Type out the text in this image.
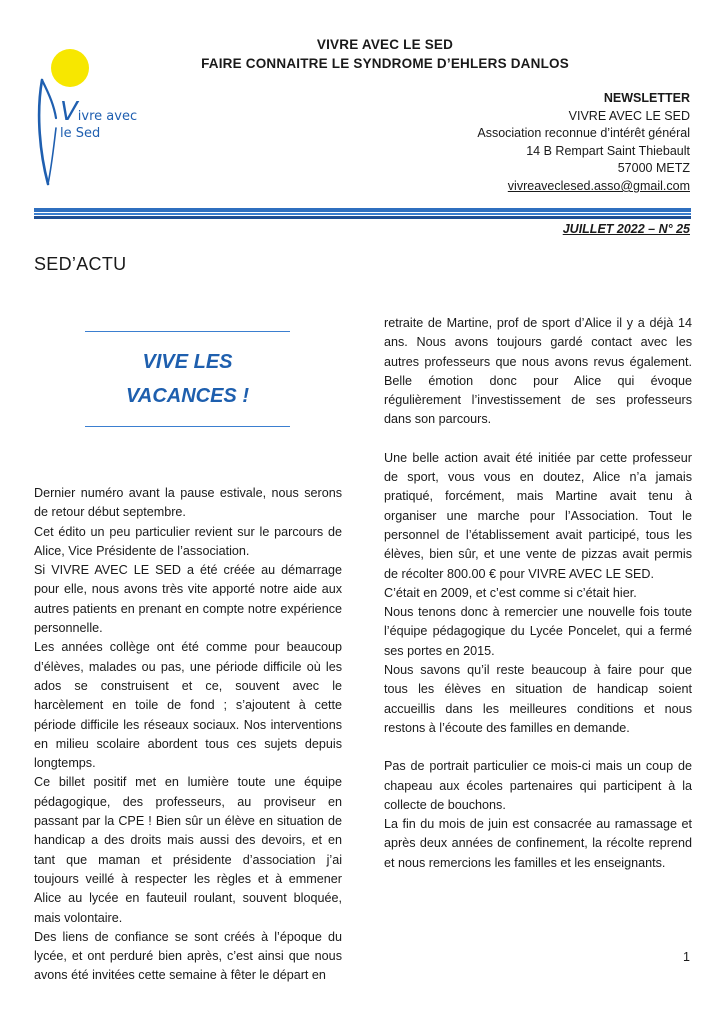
Vivre avec
le Sed
VIVRE AVEC LE SED
FAIRE CONNAITRE LE SYNDROME D’EHLERS DANLOS
NEWSLETTER
VIVRE AVEC LE SED
Association reconnue d’intérêt général
14 B Rempart Saint Thiebault
57000 METZ
vivreaveclesed.asso@gmail.com
JUILLET 2022 – N° 25
SED’ACTU
VIVE LES
VACANCES !

Dernier numéro avant la pause estivale, nous serons de retour début septembre.

Cet édito un peu particulier revient sur le parcours de Alice, Vice Présidente de l’association.

Si VIVRE AVEC LE SED a été créée au démarrage pour elle, nous avons très vite apporté notre aide aux autres patients en prenant en compte notre expérience personnelle.

Les années collège ont été comme pour beaucoup d’élèves, malades ou pas, une période difficile où les ados se construisent et ce, souvent avec le harcèlement en toile de fond ; s’ajoutent à cette période difficile les réseaux sociaux. Nos interventions en milieu scolaire abordent tous ces sujets depuis longtemps.

Ce billet positif met en lumière toute une équipe pédagogique, des professeurs, au proviseur en passant par la CPE ! Bien sûr un élève en situation de handicap a des droits mais aussi des devoirs, et en tant que maman et présidente d’association j’ai toujours veillé à respecter les règles et à emmener Alice au lycée en fauteuil roulant, souvent bloquée, mais volontaire.

Des liens de confiance se sont créés à l’époque du lycée, et ont perduré bien après, c’est ainsi que nous avons été invitées cette semaine à fêter le départ en

retraite de Martine, prof de sport d’Alice il y a déjà 14 ans. Nous avons toujours gardé contact avec les autres professeurs que nous avons revus également. Belle émotion donc pour Alice qui évoque régulièrement l’investissement de ses professeurs dans son parcours.

Une belle action avait été initiée par cette professeur de sport, vous vous en doutez, Alice n’a jamais pratiqué, forcément, mais Martine avait tenu à organiser une marche pour l’Association. Tout le personnel de l’établissement avait participé, tous les élèves, bien sûr, et une vente de pizzas avait permis de récolter 800.00 € pour VIVRE AVEC LE SED.

C’était en 2009, et c’est comme si c’était hier.

Nous tenons donc à remercier une nouvelle fois toute l’équipe pédagogique du Lycée Poncelet, qui a fermé ses portes en 2015.

Nous savons qu’il reste beaucoup à faire pour que tous les élèves en situation de handicap soient accueillis dans les meilleures conditions et nous restons à l’écoute des familles en demande.

Pas de portrait particulier ce mois-ci mais un coup de chapeau aux écoles partenaires qui participent à la collecte de bouchons.

La fin du mois de juin est consacrée au ramassage et après deux années de confinement, la récolte reprend et nous remercions les familles et les enseignants.

1
